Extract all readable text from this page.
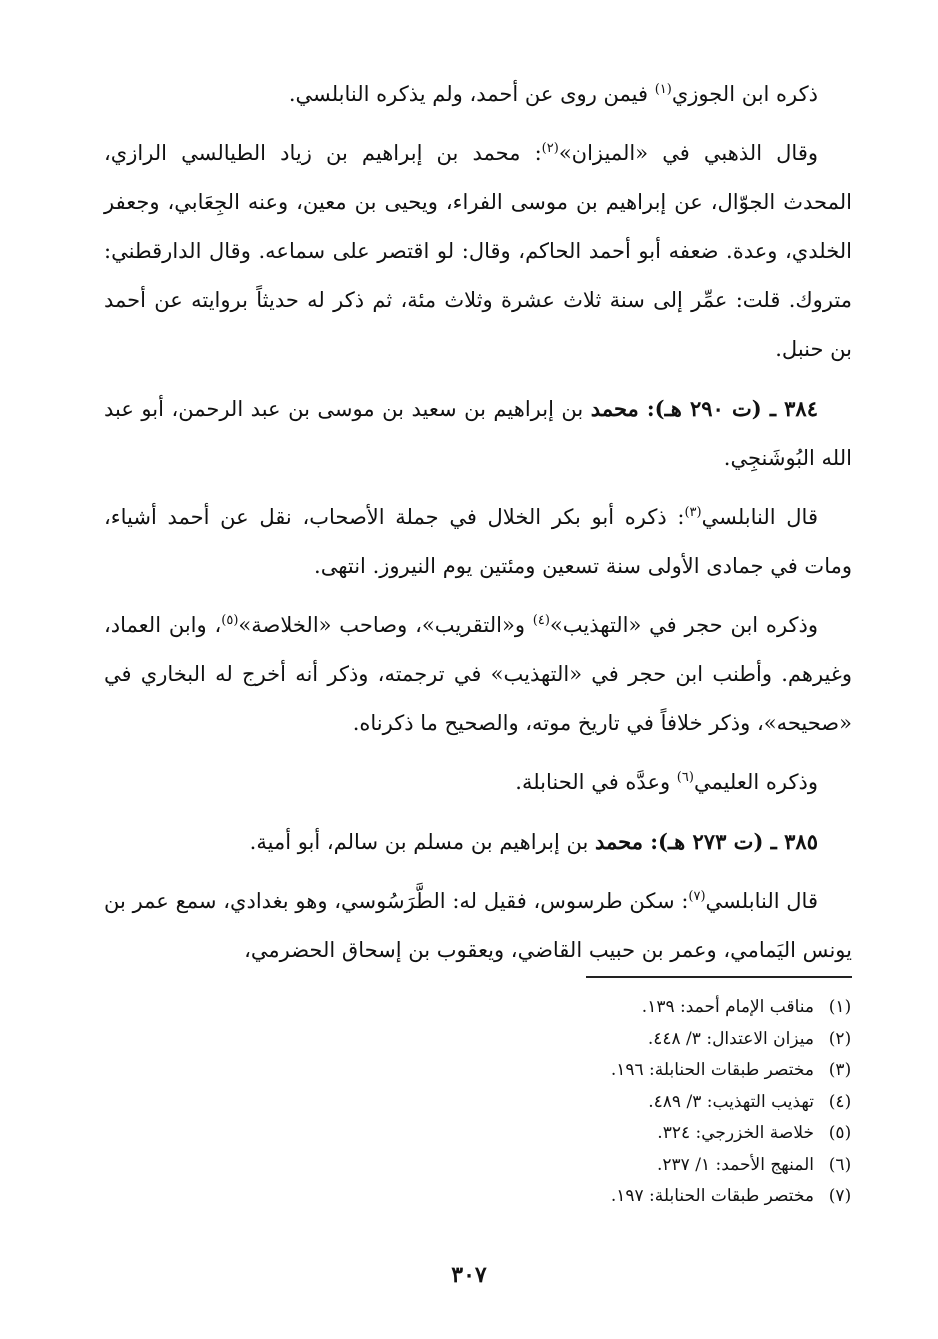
ذكره ابن الجوزي$^{(١)}$ فيمن روى عن أحمد، ولم يذكره النابلسي.

وقال الذهبي في «الميزان»$^{(٢)}$: محمد بن إبراهيم بن زياد الطيالسي الرازي، المحدث الجوّال، عن إبراهيم بن موسى الفراء، ويحيى بن معين، وعنه الجِعَابي، وجعفر الخلدي، وعدة. ضعفه أبو أحمد الحاكم، وقال: لو اقتصر على سماعه. وقال الدارقطني: متروك. قلت: عمِّر إلى سنة ثلاث عشرة وثلاث مئة، ثم ذكر له حديثاً بروايته عن أحمد بن حنبل.

٣٨٤ ـ (ت ٢٩٠ هـ): محمد بن إبراهيم بن سعيد بن موسى بن عبد الرحمن، أبو عبد الله البُوشَنجِي.

قال النابلسي$^{(٣)}$: ذكره أبو بكر الخلال في جملة الأصحاب، نقل عن أحمد أشياء، ومات في جمادى الأولى سنة تسعين ومئتين يوم النيروز. انتهى.

وذكره ابن حجر في «التهذيب»$^{(٤)}$ و«التقريب»، وصاحب «الخلاصة»$^{(٥)}$، وابن العماد، وغيرهم. وأطنب ابن حجر في «التهذيب» في ترجمته، وذكر أنه أخرج له البخاري في «صحيحه»، وذكر خلافاً في تاريخ موته، والصحيح ما ذكرناه.

وذكره العليمي$^{(٦)}$ وعدَّه في الحنابلة.

٣٨٥ ـ (ت ٢٧٣ هـ): محمد بن إبراهيم بن مسلم بن سالم، أبو أمية.

قال النابلسي$^{(٧)}$: سكن طرسوس، فقيل له: الطَّرَسُوسي، وهو بغدادي، سمع عمر بن يونس اليَمامي، وعمر بن حبيب القاضي، ويعقوب بن إسحاق الحضرمي،

(١)
مناقب الإمام أحمد: ١٣٩.
(٢)
ميزان الاعتدال: ٣/ ٤٤٨.
(٣)
مختصر طبقات الحنابلة: ١٩٦.
(٤)
تهذيب التهذيب: ٣/ ٤٨٩.
(٥)
خلاصة الخزرجي: ٣٢٤.
(٦)
المنهج الأحمد: ١/ ٢٣٧.
(٧)
مختصر طبقات الحنابلة: ١٩٧.
٣٠٧
